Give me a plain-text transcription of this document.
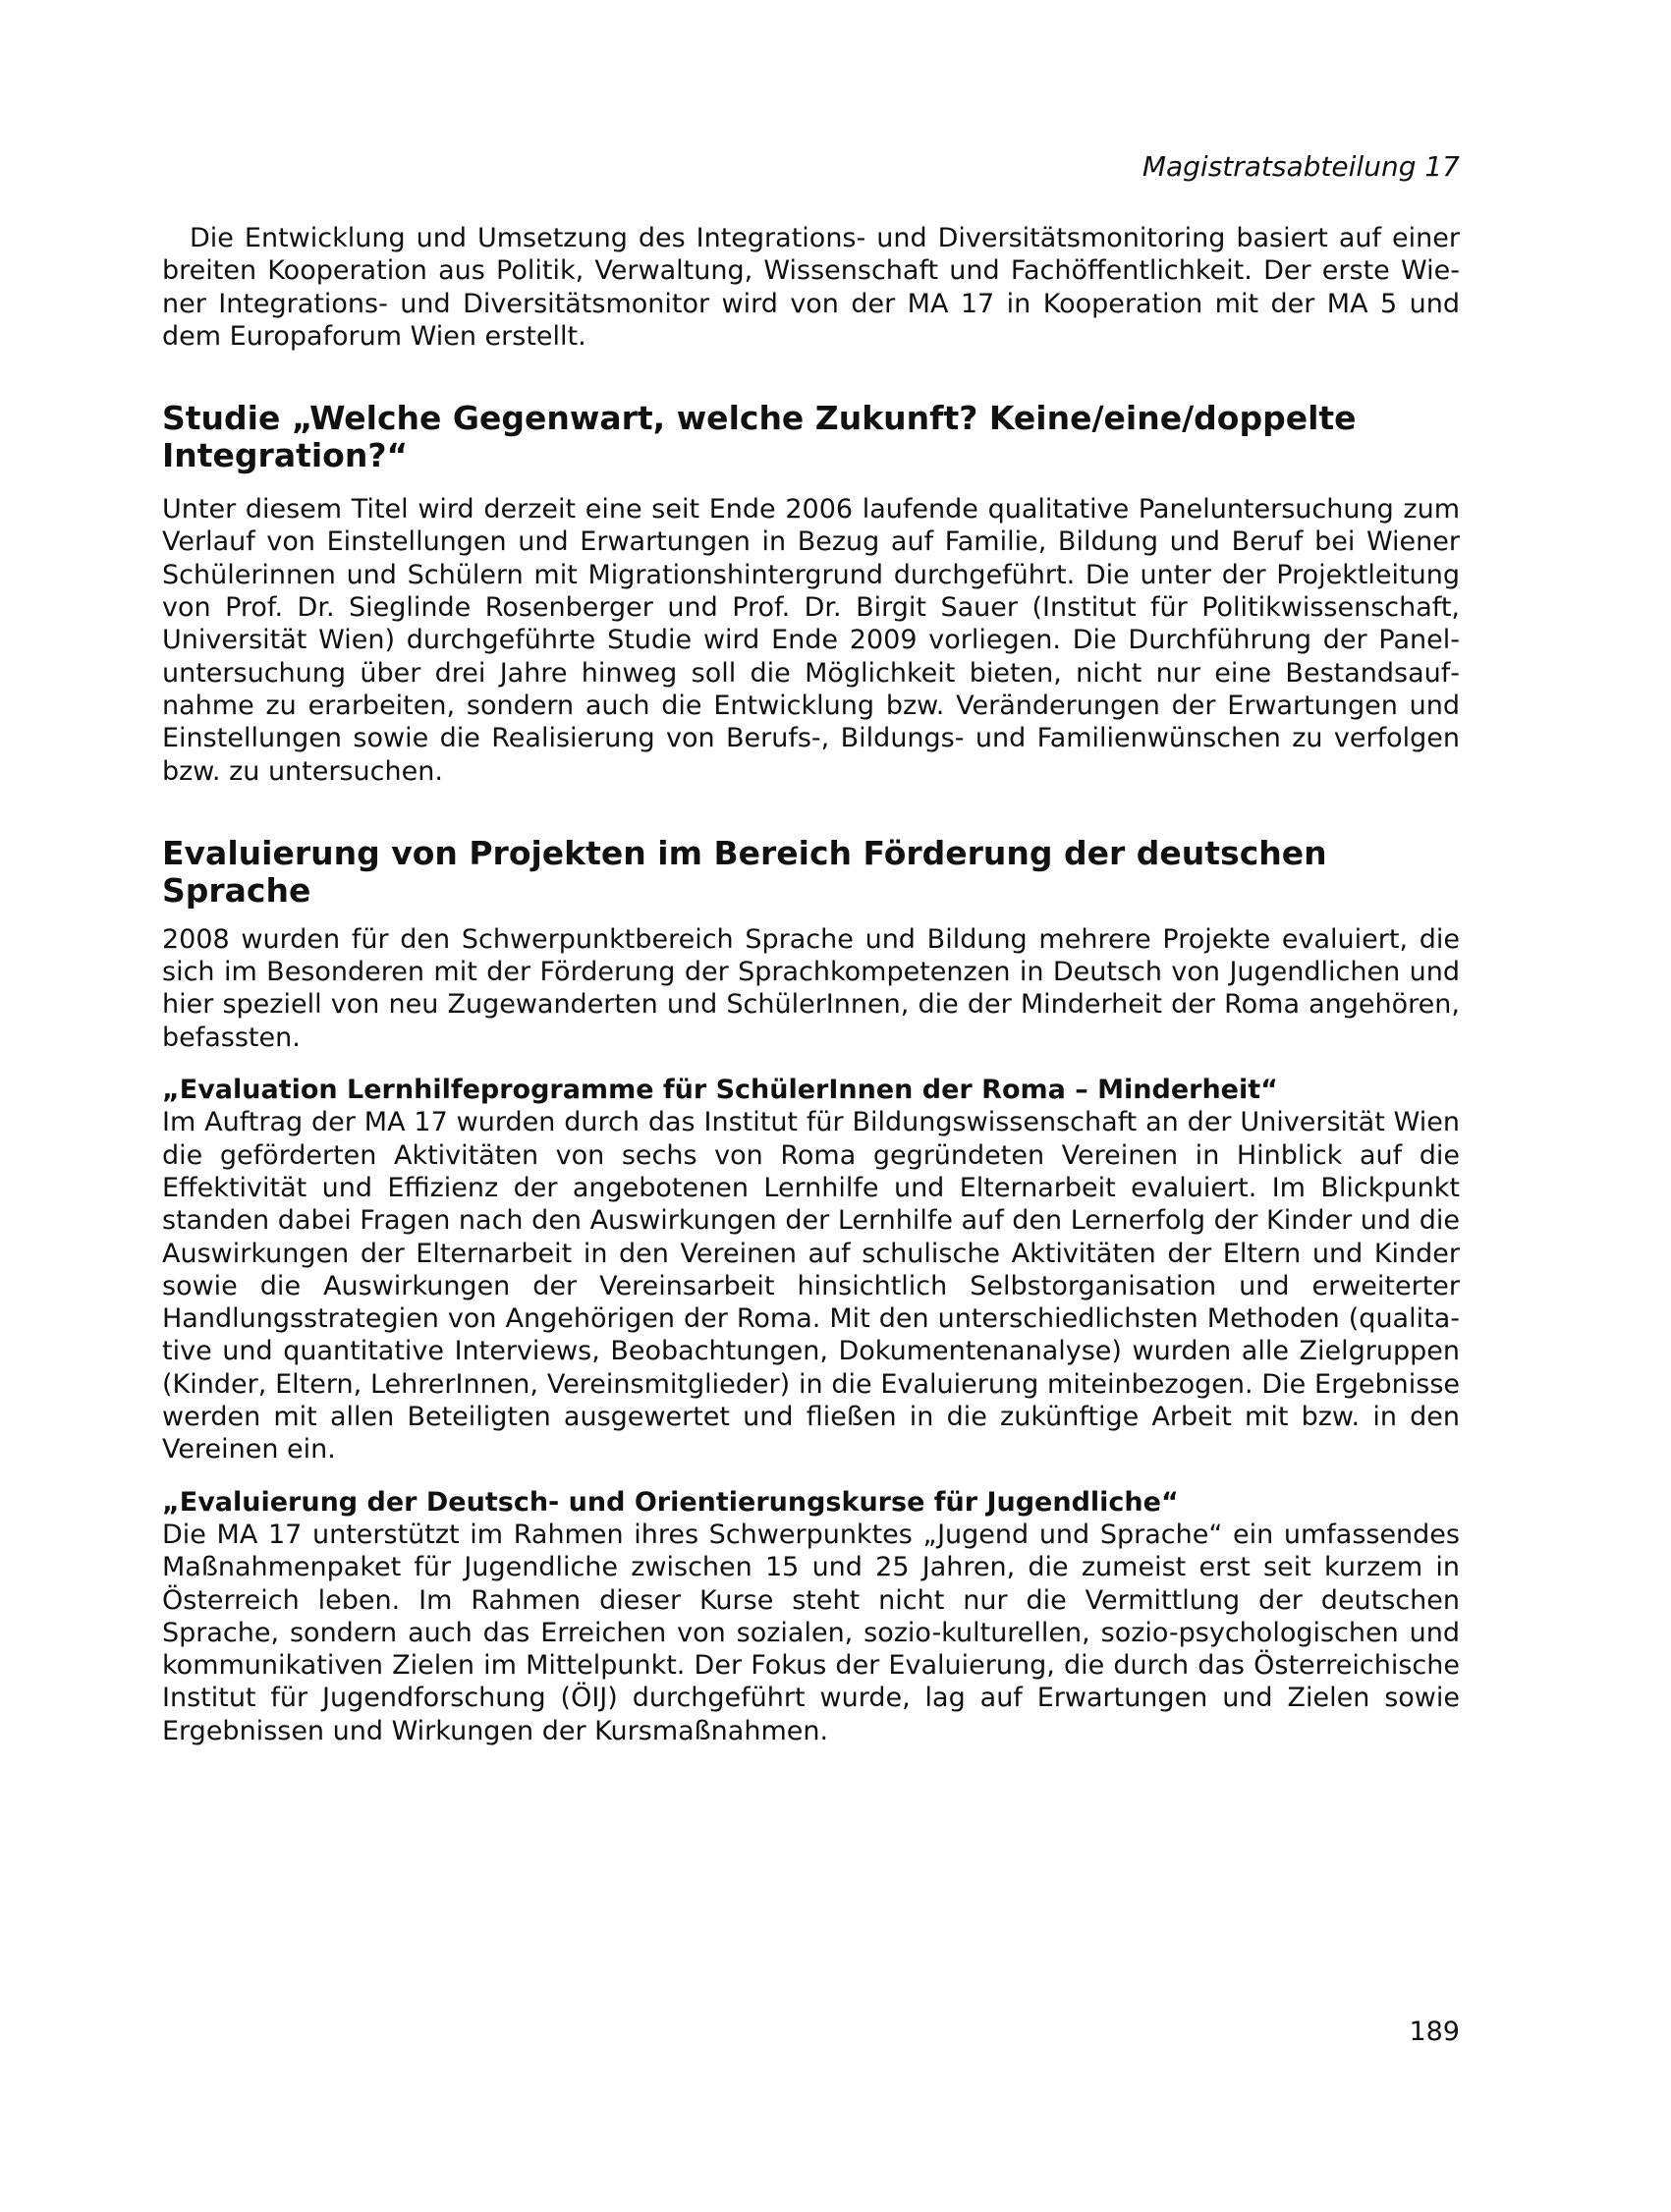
Magistratsabteilung 17

Die Entwicklung und Umsetzung des Integrations- und Diversitätsmonitoring basiert auf einer breiten Kooperation aus Politik, Verwaltung, Wissenschaft und Fachöffentlichkeit. Der erste Wiener Integrations- und Diversitätsmonitor wird von der MA 17 in Kooperation mit der MA 5 und dem Europaforum Wien erstellt.

Studie „Welche Gegenwart, welche Zukunft? Keine/eine/doppelte Integration?“

Unter diesem Titel wird derzeit eine seit Ende 2006 laufende qualitative Paneluntersuchung zum Verlauf von Einstellungen und Erwartungen in Bezug auf Familie, Bildung und Beruf bei Wiener Schülerinnen und Schülern mit Migrationshintergrund durchgeführt. Die unter der Projektleitung von Prof. Dr. Sieglinde Rosenberger und Prof. Dr. Birgit Sauer (Institut für Politikwissenschaft, Universität Wien) durchgeführte Studie wird Ende 2009 vorliegen. Die Durchführung der Paneluntersuchung über drei Jahre hinweg soll die Möglichkeit bieten, nicht nur eine Bestandsaufnahme zu erarbeiten, sondern auch die Entwicklung bzw. Veränderungen der Erwartungen und Einstellungen sowie die Realisierung von Berufs-, Bildungs- und Familienwünschen zu verfolgen bzw. zu untersuchen.

Evaluierung von Projekten im Bereich Förderung der deutschen Sprache

2008 wurden für den Schwerpunktbereich Sprache und Bildung mehrere Projekte evaluiert, die sich im Besonderen mit der Förderung der Sprachkompetenzen in Deutsch von Jugendlichen und hier speziell von neu Zugewanderten und SchülerInnen, die der Minderheit der Roma angehören, befassten.

„Evaluation Lernhilfeprogramme für SchülerInnen der Roma – Minderheit“

Im Auftrag der MA 17 wurden durch das Institut für Bildungswissenschaft an der Universität Wien die geförderten Aktivitäten von sechs von Roma gegründeten Vereinen in Hinblick auf die Effektivität und Effizienz der angebotenen Lernhilfe und Elternarbeit evaluiert. Im Blickpunkt standen dabei Fragen nach den Auswirkungen der Lernhilfe auf den Lernerfolg der Kinder und die Auswirkungen der Elternarbeit in den Vereinen auf schulische Aktivitäten der Eltern und Kinder sowie die Auswirkungen der Vereinsarbeit hinsichtlich Selbstorganisation und erweiterter Handlungsstrategien von Angehörigen der Roma. Mit den unterschiedlichsten Methoden (qualitative und quantitative Interviews, Beobachtungen, Dokumentenanalyse) wurden alle Zielgruppen (Kinder, Eltern, LehrerInnen, Vereinsmitglieder) in die Evaluierung miteinbezogen. Die Ergebnisse werden mit allen Beteiligten ausgewertet und fließen in die zukünftige Arbeit mit bzw. in den Vereinen ein.

„Evaluierung der Deutsch- und Orientierungskurse für Jugendliche“

Die MA 17 unterstützt im Rahmen ihres Schwerpunktes „Jugend und Sprache“ ein umfassendes Maßnahmenpaket für Jugendliche zwischen 15 und 25 Jahren, die zumeist erst seit kurzem in Österreich leben. Im Rahmen dieser Kurse steht nicht nur die Vermittlung der deutschen Sprache, sondern auch das Erreichen von sozialen, sozio-kulturellen, sozio-psychologischen und kommunikativen Zielen im Mittelpunkt. Der Fokus der Evaluierung, die durch das Österreichische Institut für Jugendforschung (ÖIJ) durchgeführt wurde, lag auf Erwartungen und Zielen sowie Ergebnissen und Wirkungen der Kursmaßnahmen.

189
